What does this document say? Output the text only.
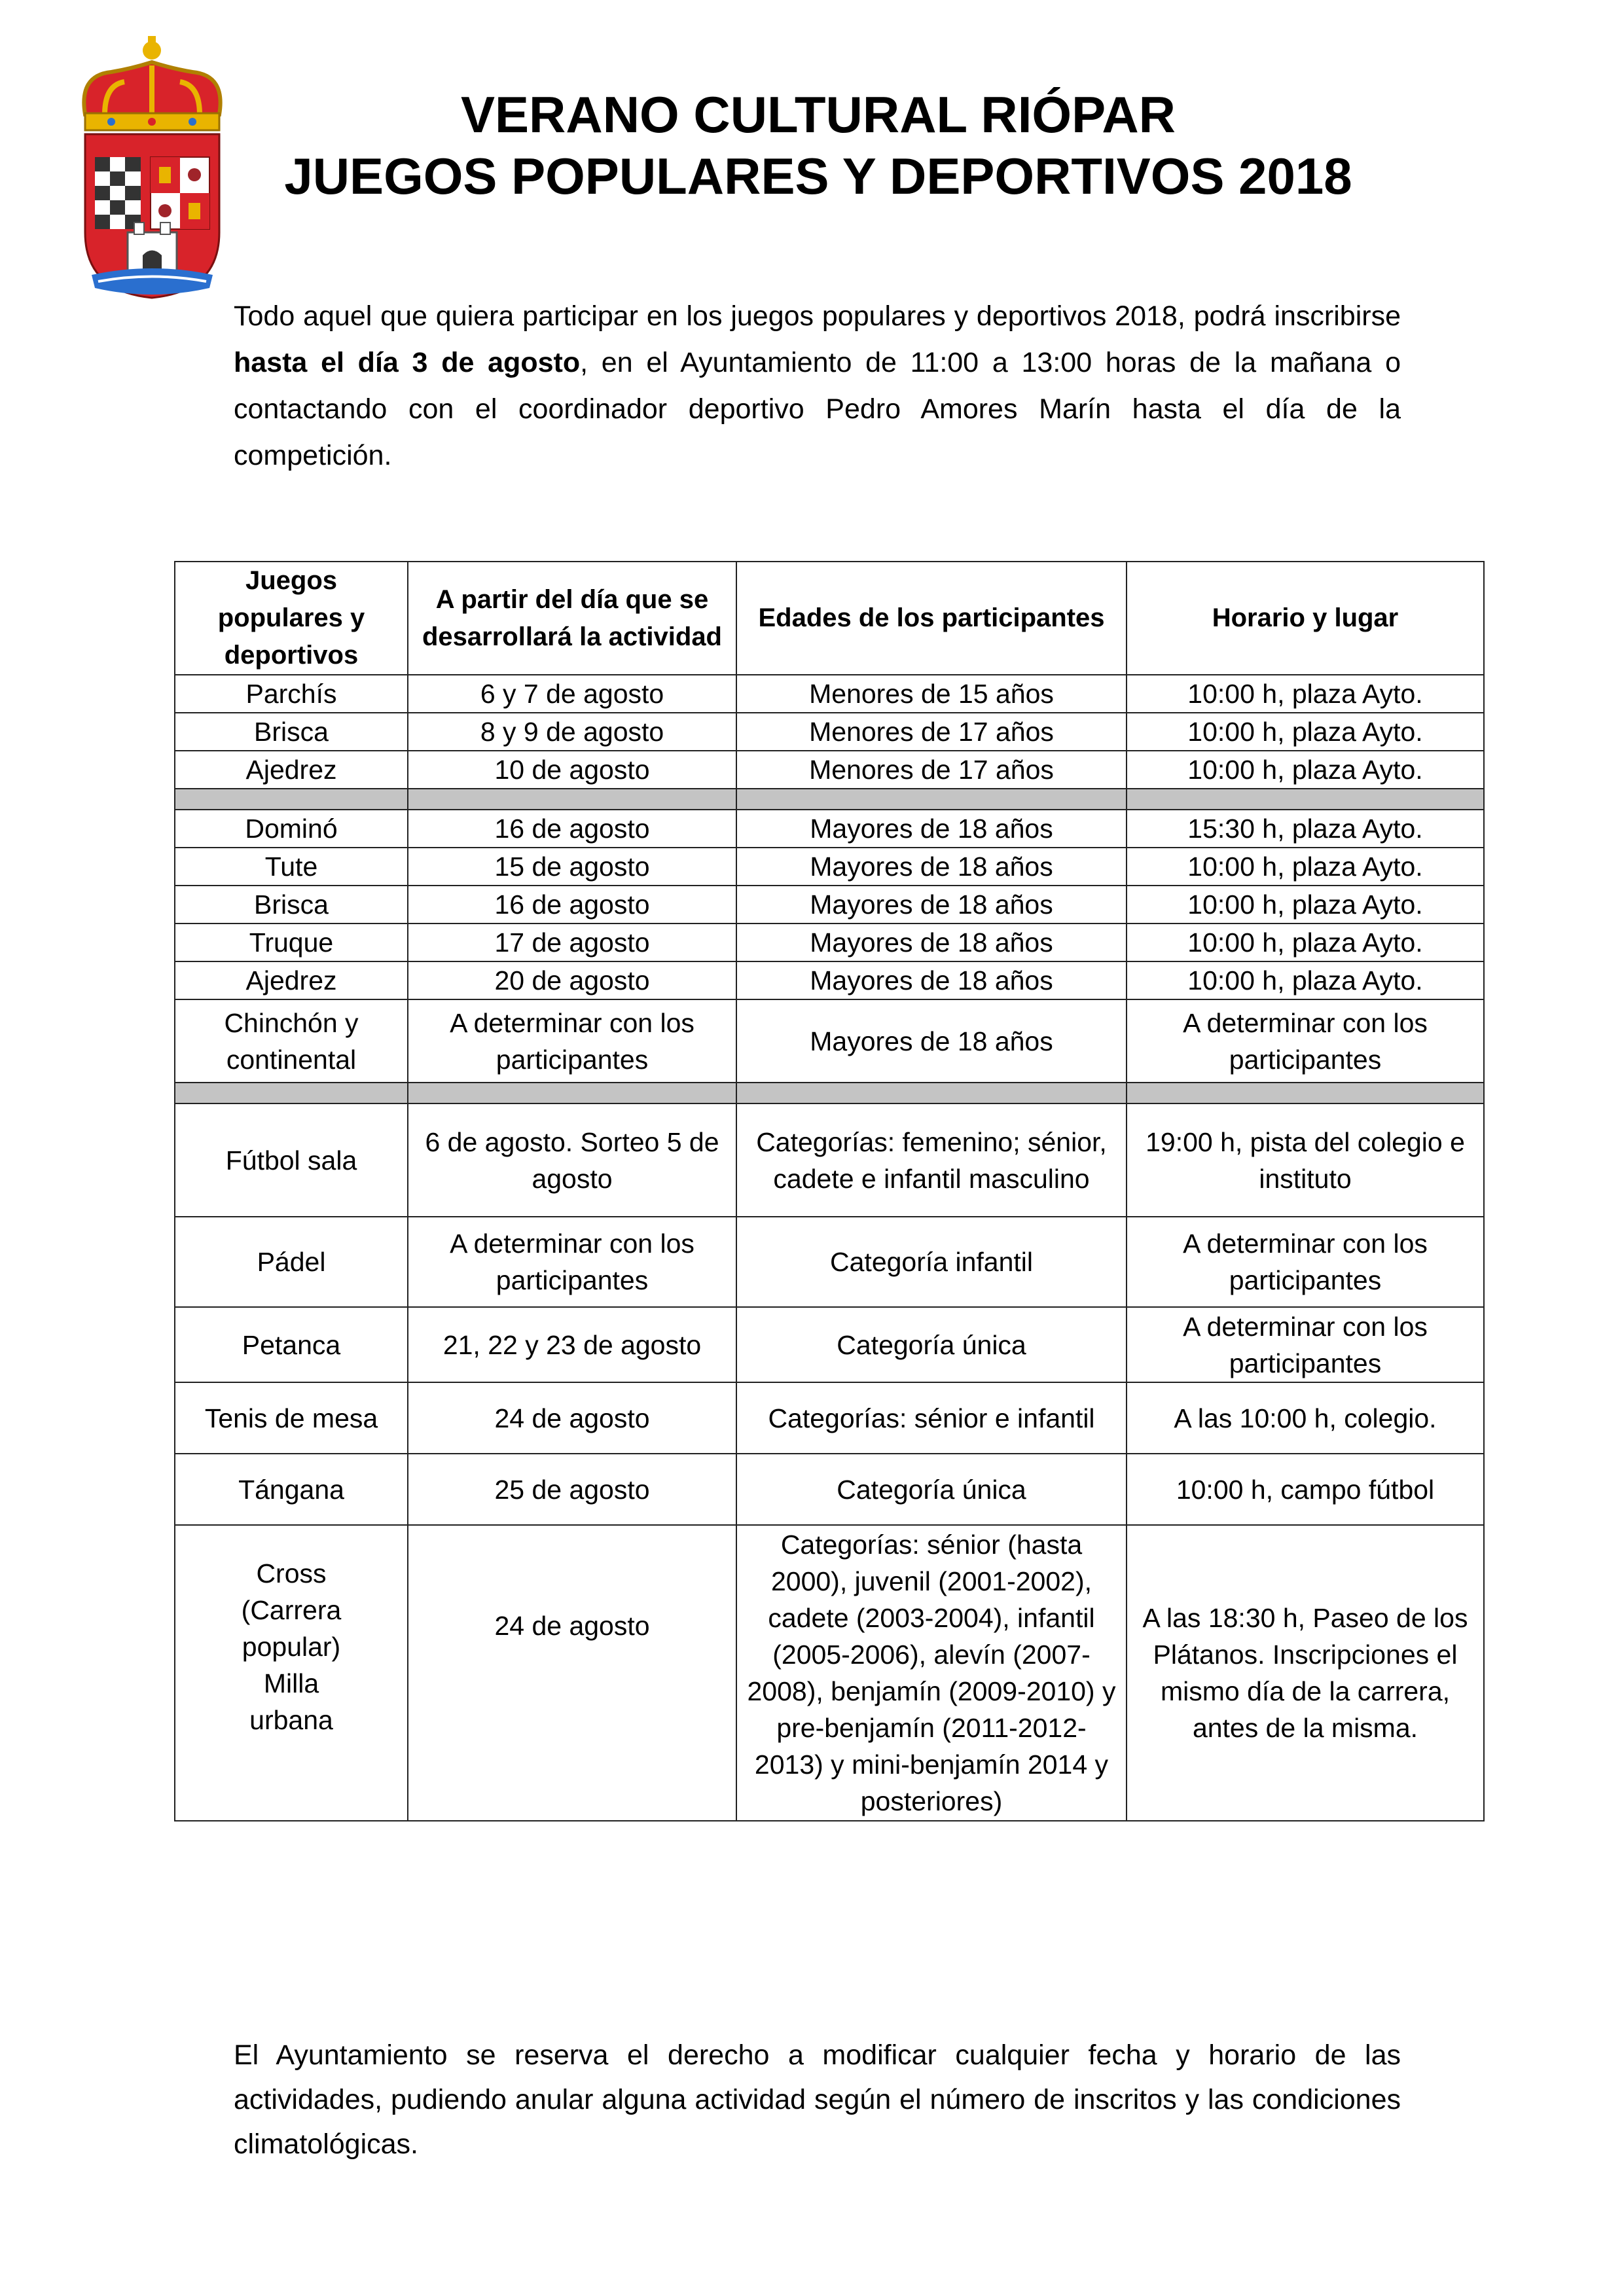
VERANO CULTURAL RIÓPAR
JUEGOS POPULARES Y DEPORTIVOS 2018
Todo aquel que quiera participar en los juegos populares y deportivos 2018, podrá inscribirse hasta el día 3 de agosto, en el Ayuntamiento de 11:00 a 13:00 horas de la mañana o contactando con el coordinador deportivo Pedro Amores Marín hasta el día de la competición.
Juegos populares y deportivos	A partir del día que se desarrollará la actividad	Edades de los participantes	Horario y lugar
Parchís	6 y 7 de agosto	Menores de 15 años	10:00 h, plaza Ayto.
Brisca	8 y 9 de agosto	Menores de 17 años	10:00 h, plaza Ayto.
Ajedrez	10 de agosto	Menores de 17 años	10:00 h, plaza Ayto.

Dominó	16 de agosto	Mayores de 18 años	15:30 h, plaza Ayto.
Tute	15 de agosto	Mayores de 18 años	10:00 h, plaza Ayto.
Brisca	16 de agosto	Mayores de 18 años	10:00 h, plaza Ayto.
Truque	17 de agosto	Mayores de 18 años	10:00 h, plaza Ayto.
Ajedrez	20 de agosto	Mayores de 18 años	10:00 h, plaza Ayto.
Chinchón y continental	A determinar con los participantes	Mayores de 18 años	A determinar con los participantes

Fútbol sala	6 de agosto. Sorteo 5 de agosto	Categorías: femenino; sénior, cadete e infantil masculino	19:00 h, pista del colegio e instituto
Pádel	A determinar con los participantes	Categoría infantil	A determinar con los participantes
Petanca	21, 22 y 23 de agosto	Categoría única	A determinar con los participantes
Tenis de mesa	24 de agosto	Categorías: sénior e infantil	A las 10:00 h, colegio.
Tángana	25 de agosto	Categoría única	10:00 h, campo fútbol

Cross (Carrera popular) Milla urbana	24 de agosto	Categorías: sénior (hasta 2000), juvenil (2001-2002), cadete (2003-2004), infantil (2005-2006), alevín (2007-2008), benjamín (2009-2010) y pre-benjamín (2011-2012-2013) y mini-benjamín 2014 y posteriores)	A las 18:30 h, Paseo de los Plátanos. Inscripciones el mismo día de la carrera, antes de la misma.
El Ayuntamiento se reserva el derecho a modificar cualquier fecha y horario de las actividades, pudiendo anular alguna actividad según el número de inscritos y las condiciones climatológicas.
